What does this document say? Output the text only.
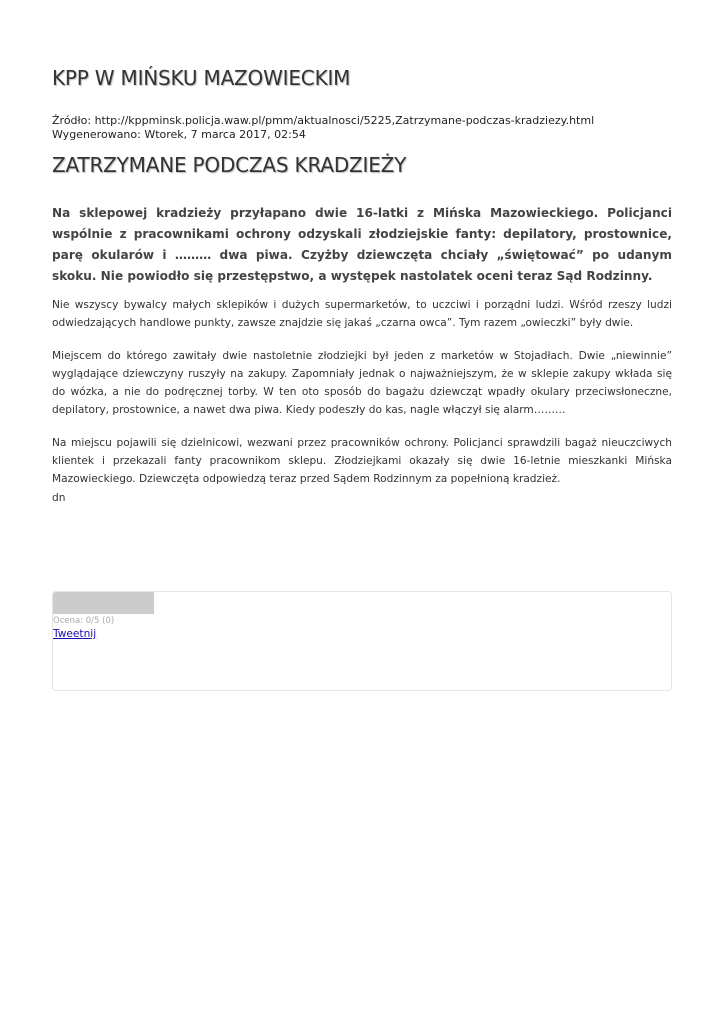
KPP W MIŃSKU MAZOWIECKIM
Źródło: http://kppminsk.policja.waw.pl/pmm/aktualnosci/5225,Zatrzymane-podczas-kradziezy.html
Wygenerowano: Wtorek, 7 marca 2017, 02:54
ZATRZYMANE PODCZAS KRADZIEŻY

Na sklepowej kradzieży przyłapano dwie 16-latki z Mińska Mazowieckiego. Policjanci wspólnie z pracownikami ochrony odzyskali złodziejskie fanty: depilatory, prostownice, parę okularów i ……… dwa piwa. Czyżby dziewczęta chciały „świętować” po udanym skoku. Nie powiodło się przestępstwo, a występek nastolatek oceni teraz Sąd Rodzinny.

Nie wszyscy bywalcy małych sklepików i dużych supermarketów, to uczciwi i porządni ludzi. Wśród rzeszy ludzi odwiedzających handlowe punkty, zawsze znajdzie się jakaś „czarna owca”. Tym razem „owieczki” były dwie.

Miejscem do którego zawitały dwie nastoletnie złodziejki był jeden z marketów w Stojadłach. Dwie „niewinnie” wyglądające dziewczyny ruszyły na zakupy. Zapomniały jednak o najważniejszym, że w sklepie zakupy wkłada się do wózka, a nie do podręcznej torby. W ten oto sposób do bagażu dziewcząt wpadły okulary przeciwsłoneczne, depilatory, prostownice, a nawet dwa piwa. Kiedy podeszły do kas, nagle włączył się alarm………

Na miejscu pojawili się dzielnicowi, wezwani przez pracowników ochrony. Policjanci sprawdzili bagaż nieuczciwych klientek i przekazali fanty pracownikom sklepu. Złodziejkami okazały się dwie 16-letnie mieszkanki Mińska Mazowieckiego. Dziewczęta odpowiedzą teraz przed Sądem Rodzinnym za popełnioną kradzież.

dn
Ocena: 0/5 (0)
Tweetnij
